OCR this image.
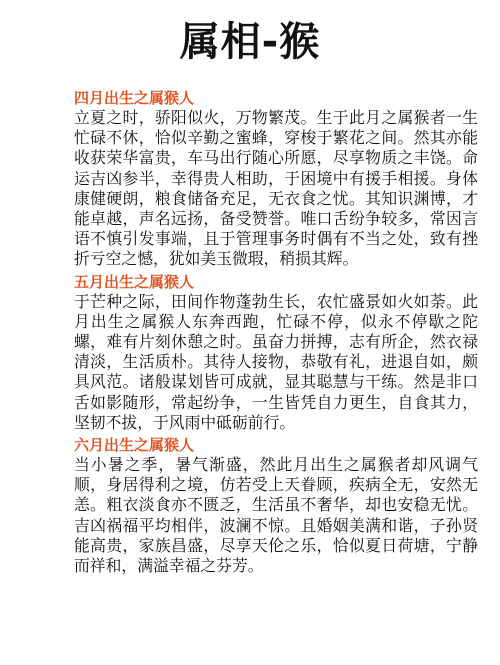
属相-猴

四月出生之属猴人

立夏之时，骄阳似火，万物繁茂。生于此月之属猴者一生忙碌不休，恰似辛勤之蜜蜂，穿梭于繁花之间。然其亦能收获荣华富贵，车马出行随心所愿，尽享物质之丰饶。命运吉凶参半，幸得贵人相助，于困境中有援手相援。身体康健硬朗，粮食储备充足，无衣食之忧。其知识渊博，才能卓越，声名远扬，备受赞誉。唯口舌纷争较多，常因言语不慎引发事端，且于管理事务时偶有不当之处，致有挫折亏空之憾，犹如美玉微瑕，稍损其辉。

五月出生之属猴人

于芒种之际，田间作物蓬勃生长，农忙盛景如火如荼。此月出生之属猴人东奔西跑，忙碌不停，似永不停歇之陀螺，难有片刻休憩之时。虽奋力拼搏，志有所企，然衣禄清淡，生活质朴。其待人接物，恭敬有礼，进退自如，颇具风范。诸般谋划皆可成就，显其聪慧与干练。然是非口舌如影随形，常起纷争，一生皆凭自力更生，自食其力，坚韧不拔，于风雨中砥砺前行。

六月出生之属猴人

当小暑之季，暑气渐盛，然此月出生之属猴者却风调气顺，身居得利之境，仿若受上天眷顾，疾病全无，安然无恙。粗衣淡食亦不匮乏，生活虽不奢华，却也安稳无忧。吉凶祸福平均相伴，波澜不惊。且婚姻美满和谐，子孙贤能高贵，家族昌盛，尽享天伦之乐，恰似夏日荷塘，宁静而祥和，满溢幸福之芬芳。
